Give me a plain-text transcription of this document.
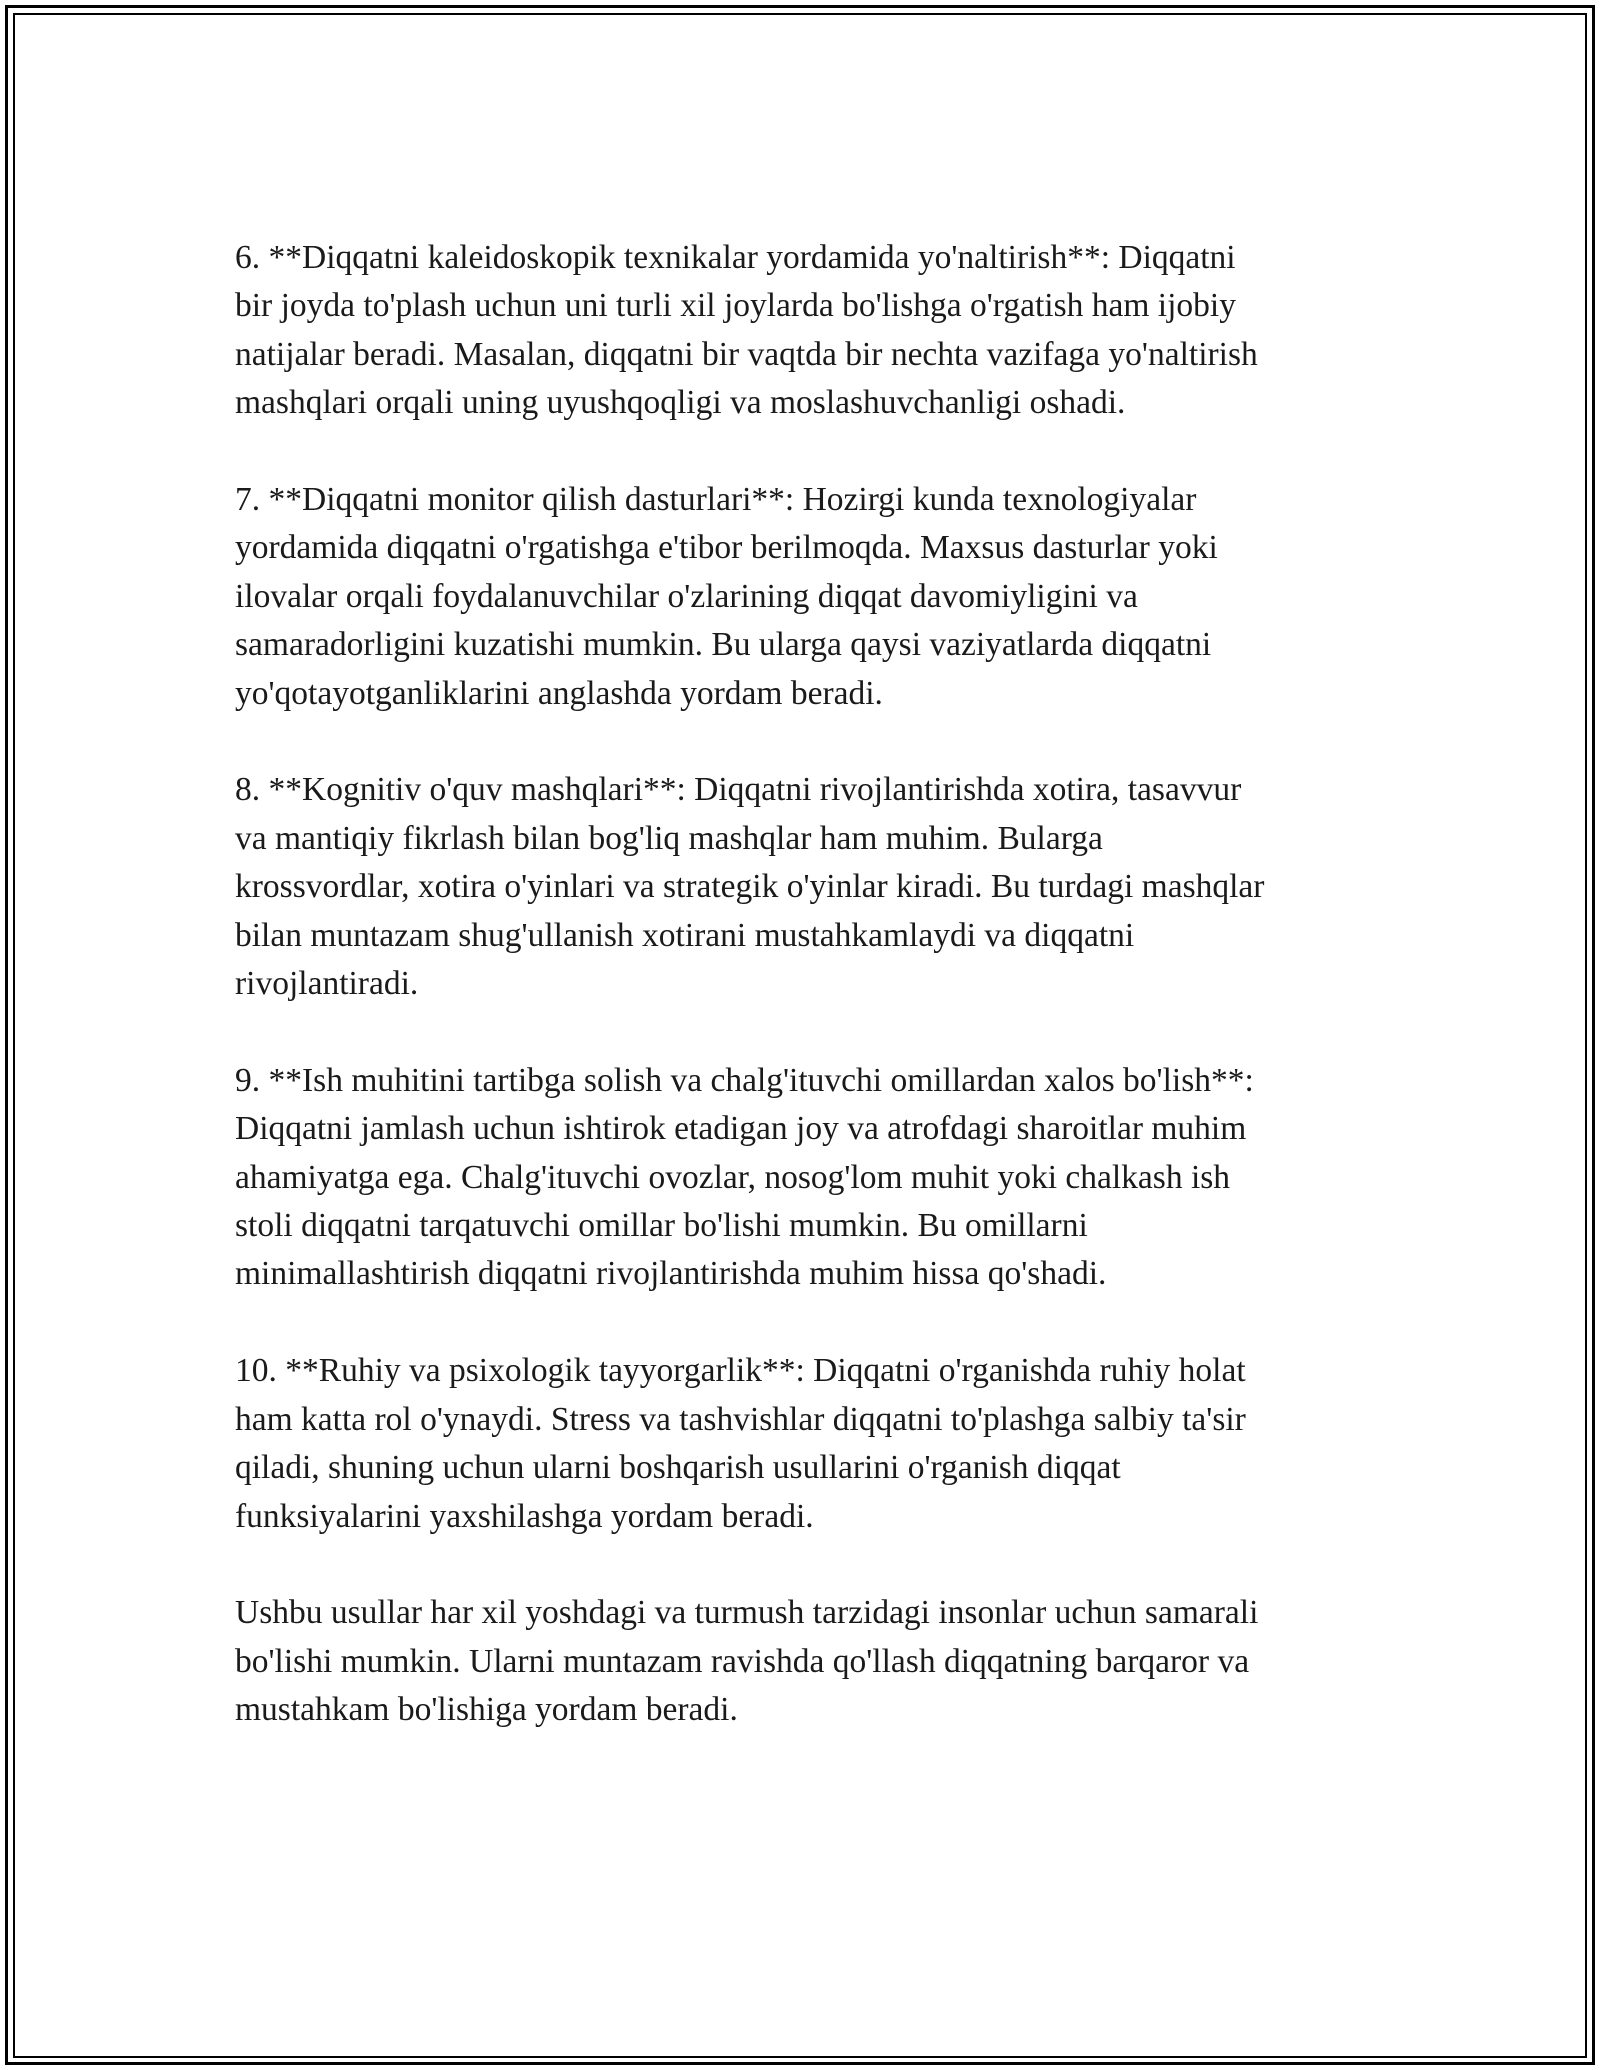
6. **Diqqatni kaleidoskopik texnikalar yordamida yo'naltirish**: Diqqatni
bir joyda to'plash uchun uni turli xil joylarda bo'lishga o'rgatish ham ijobiy
natijalar beradi. Masalan, diqqatni bir vaqtda bir nechta vazifaga yo'naltirish
mashqlari orqali uning uyushqoqligi va moslashuvchanligi oshadi.

7. **Diqqatni monitor qilish dasturlari**: Hozirgi kunda texnologiyalar
yordamida diqqatni o'rgatishga e'tibor berilmoqda. Maxsus dasturlar yoki
ilovalar orqali foydalanuvchilar o'zlarining diqqat davomiyligini va
samaradorligini kuzatishi mumkin. Bu ularga qaysi vaziyatlarda diqqatni
yo'qotayotganliklarini anglashda yordam beradi.

8. **Kognitiv o'quv mashqlari**: Diqqatni rivojlantirishda xotira, tasavvur
va mantiqiy fikrlash bilan bog'liq mashqlar ham muhim. Bularga
krossvordlar, xotira o'yinlari va strategik o'yinlar kiradi. Bu turdagi mashqlar
bilan muntazam shug'ullanish xotirani mustahkamlaydi va diqqatni
rivojlantiradi.

9. **Ish muhitini tartibga solish va chalg'ituvchi omillardan xalos bo'lish**:
Diqqatni jamlash uchun ishtirok etadigan joy va atrofdagi sharoitlar muhim
ahamiyatga ega. Chalg'ituvchi ovozlar, nosog'lom muhit yoki chalkash ish
stoli diqqatni tarqatuvchi omillar bo'lishi mumkin. Bu omillarni
minimallashtirish diqqatni rivojlantirishda muhim hissa qo'shadi.

10. **Ruhiy va psixologik tayyorgarlik**: Diqqatni o'rganishda ruhiy holat
ham katta rol o'ynaydi. Stress va tashvishlar diqqatni to'plashga salbiy ta'sir
qiladi, shuning uchun ularni boshqarish usullarini o'rganish diqqat
funksiyalarini yaxshilashga yordam beradi.

Ushbu usullar har xil yoshdagi va turmush tarzidagi insonlar uchun samarali
bo'lishi mumkin. Ularni muntazam ravishda qo'llash diqqatning barqaror va
mustahkam bo'lishiga yordam beradi.
